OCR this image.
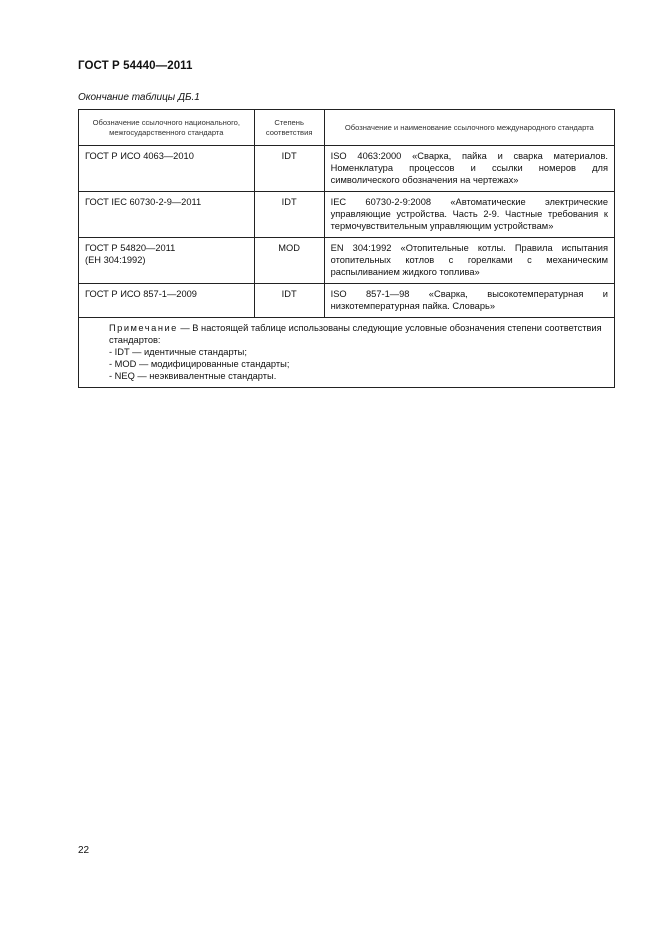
ГОСТ Р 54440—2011
Окончание таблицы ДБ.1
Обозначение ссылочного национального, межгосударственного стандарта	Степень соответствия	Обозначение и наименование ссылочного международного стандарта
ГОСТ Р ИСО 4063—2010	IDT	ISO 4063:2000 «Сварка, пайка и сварка материалов. Номенклатура процессов и ссылки номеров для символического обозначения на чертежах»
ГОСТ IEC 60730-2-9—2011	IDT	IEC 60730-2-9:2008 «Автоматические электрические управляющие устройства. Часть 2-9. Частные требования к термочувствительным управляющим устройствам»

ГОСТ Р 54820—2011
(ЕН 304:1992)	MOD	EN 304:1992 «Отопительные котлы. Правила испытания отопительных котлов с горелками с механическим распыливанием жидкого топлива»
ГОСТ Р ИСО 857-1—2009	IDT	ISO 857-1—98 «Сварка, высокотемпературная и низкотемпературная пайка. Словарь»

Примечание — В настоящей таблице использованы следующие условные обозначения степени соответствия стандартов:
- IDT — идентичные стандарты;
- MOD — модифицированные стандарты;
- NEQ — неэквивалентные стандарты.		
22
